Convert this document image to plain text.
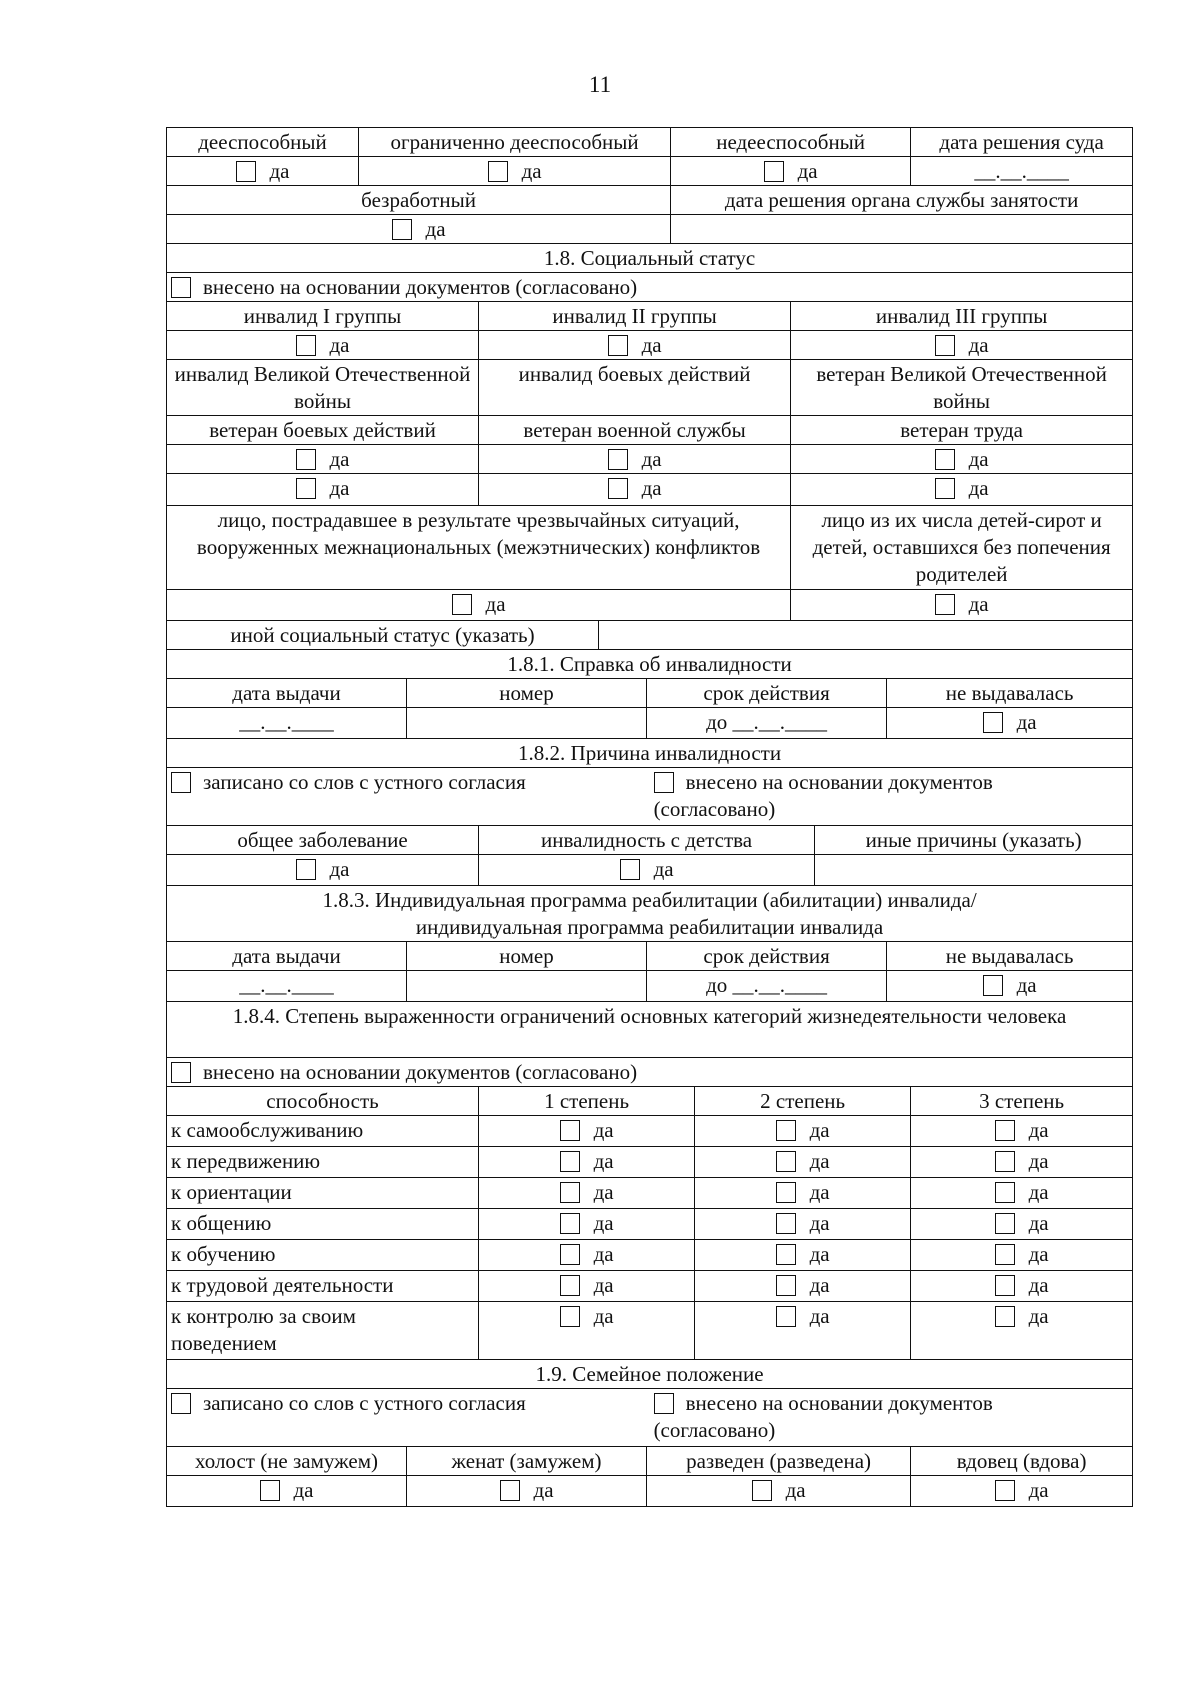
11
дееспособный	ограниченно дееспособный					недееспособный					дата решения суда
да	да					да					__.__.____
безработный						дата решения органа службы занятости					
да											
1.8. Социальный статус											
внесено на основании документов (согласовано)											
инвалид I группы			инвалид II группы					инвалид III группы			
да			да					да			
инвалид Великой Отечественной войны			инвалид боевых действий					ветеран Великой Отечественной войны			
ветеран боевых действий			ветеран военной службы					ветеран труда			
да			да					да			
да			да					да			
лицо, пострадавшее в результате чрезвычайных ситуаций, вооруженных межнациональных (межэтнических) конфликтов								лицо из их числа детей-сирот и детей, оставшихся без попечения родителей			
да								да			
иной социальный статус (указать)											
1.8.1. Справка об инвалидности											
дата выдачи		номер			срок действия					не выдавалась	
__.__.____					до __.__.____					да	
1.8.2. Причина инвалидности											

записано со слов с устного согласия внесено на основании документов (согласовано)											

общее заболевание			инвалидность с детства						иные причины (указать)		
да			да								
1.8.3. Индивидуальная программа реабилитации (абилитации) инвалида/ индивидуальная программа реабилитации инвалида											
дата выдачи		номер			срок действия					не выдавалась	
__.__.____					до __.__.____					да	
1.8.4. Степень выраженности ограничений основных категорий жизнедеятельности человека											
внесено на основании документов (согласовано)											
способность			1 степень				2 степень				3 степень
к самообслуживанию			да				да				да
к передвижению			да				да				да
к ориентации			да				да				да
к общению			да				да				да
к обучению			да				да				да
к трудовой деятельности			да				да				да
к контролю за своим поведением			да				да				да
1.9. Семейное положение											

записано со слов с устного согласия внесено на основании документов (согласовано)											

холост (не замужем)		женат (замужем)			разведен (разведена)						вдовец (вдова)
да		да			да						да
